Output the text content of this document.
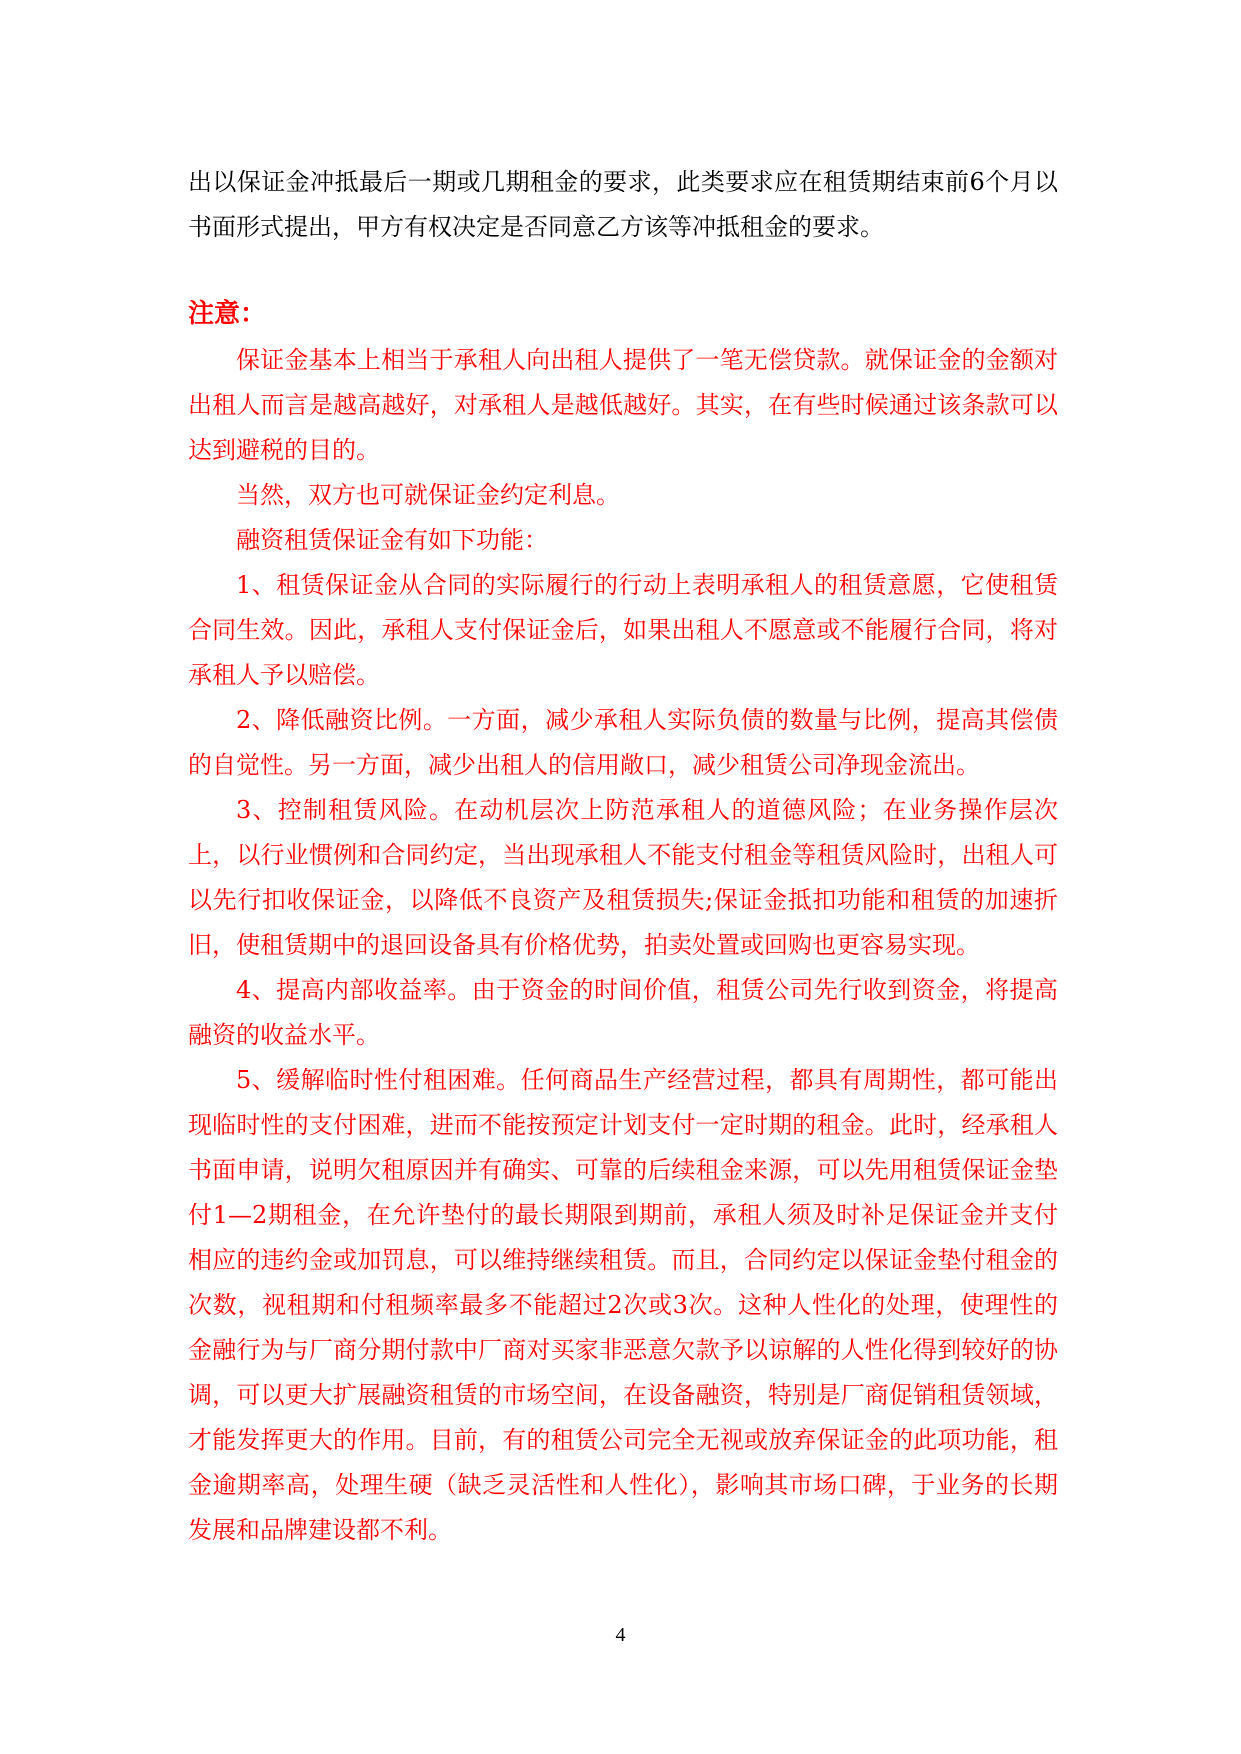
出以保证金冲抵最后一期或几期租金的要求，此类要求应在租赁期结束前6个月以书面形式提出，甲方有权决定是否同意乙方该等冲抵租金的要求。

注意：

保证金基本上相当于承租人向出租人提供了一笔无偿贷款。就保证金的金额对出租人而言是越高越好，对承租人是越低越好。其实，在有些时候通过该条款可以达到避税的目的。

当然，双方也可就保证金约定利息。

融资租赁保证金有如下功能：

1、租赁保证金从合同的实际履行的行动上表明承租人的租赁意愿，它使租赁合同生效。因此，承租人支付保证金后，如果出租人不愿意或不能履行合同，将对承租人予以赔偿。

2、降低融资比例。一方面，减少承租人实际负债的数量与比例，提高其偿债的自觉性。另一方面，减少出租人的信用敞口，减少租赁公司净现金流出。

3、控制租赁风险。在动机层次上防范承租人的道德风险；在业务操作层次上，以行业惯例和合同约定，当出现承租人不能支付租金等租赁风险时，出租人可以先行扣收保证金，以降低不良资产及租赁损失;保证金抵扣功能和租赁的加速折旧，使租赁期中的退回设备具有价格优势，拍卖处置或回购也更容易实现。

4、提高内部收益率。由于资金的时间价值，租赁公司先行收到资金，将提高融资的收益水平。

5、缓解临时性付租困难。任何商品生产经营过程，都具有周期性，都可能出现临时性的支付困难，进而不能按预定计划支付一定时期的租金。此时，经承租人书面申请，说明欠租原因并有确实、可靠的后续租金来源，可以先用租赁保证金垫付1—2期租金，在允许垫付的最长期限到期前，承租人须及时补足保证金并支付相应的违约金或加罚息，可以维持继续租赁。而且，合同约定以保证金垫付租金的次数，视租期和付租频率最多不能超过2次或3次。这种人性化的处理，使理性的金融行为与厂商分期付款中厂商对买家非恶意欠款予以谅解的人性化得到较好的协调，可以更大扩展融资租赁的市场空间，在设备融资，特别是厂商促销租赁领域，才能发挥更大的作用。目前，有的租赁公司完全无视或放弃保证金的此项功能，租金逾期率高，处理生硬（缺乏灵活性和人性化），影响其市场口碑，于业务的长期发展和品牌建设都不利。

4
